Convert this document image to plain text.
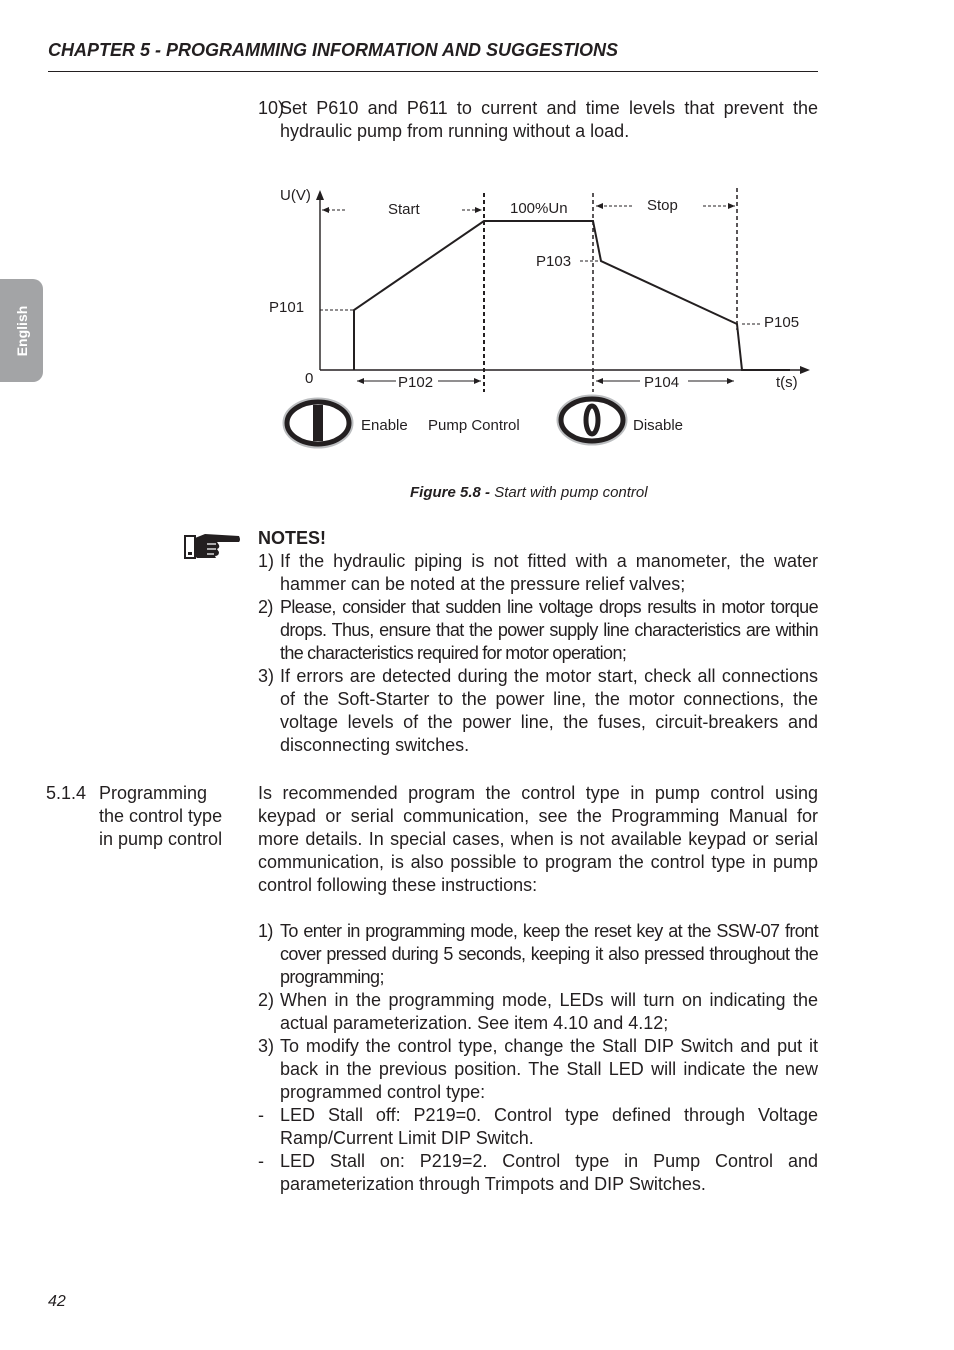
CHAPTER 5 - PROGRAMMING INFORMATION AND SUGGESTIONS
English
10)
Set P610 and P611 to current and time levels that prevent the hydraulic pump from running without a load.
U(V)
t(s)
0
Start	100%Un	Stop
P101
P102
P103
P104
P105
Enable Pump Control	Disable
Figure 5.8 - Start with pump control
NOTES!
1) If the hydraulic piping is not fitted with a manometer, the water hammer can be noted at the pressure relief valves;
2) Please, consider that sudden line voltage drops results in motor torque drops. Thus, ensure that the power supply line characteristics are within the characteristics required for motor operation;
3) If errors are detected during the motor start, check all connections of the Soft-Starter to the power line, the motor connections, the voltage levels of the power line, the fuses, circuit-breakers and disconnecting switches.
5.1.4 Programming the control type in pump control
Is recommended program the control type in pump control using keypad or serial communication, see the Programming Manual for more details. In special cases, when is not available keypad or serial communication, is also possible to program the control type in pump control following these instructions:
1) To enter in programming mode, keep the reset key at the SSW-07 front cover pressed during 5 seconds, keeping it also pressed throughout the programming;
2) When in the programming mode, LEDs will turn on indicating the actual parameterization. See item 4.10 and 4.12;
3) To modify the control type, change the Stall DIP Switch and put it back in the previous position. The Stall LED will indicate the new programmed control type:
- LED Stall off: P219=0. Control type defined through Voltage Ramp/Current Limit DIP Switch.
- LED Stall on: P219=2. Control type in Pump Control and parameterization through Trimpots and DIP Switches.
42
